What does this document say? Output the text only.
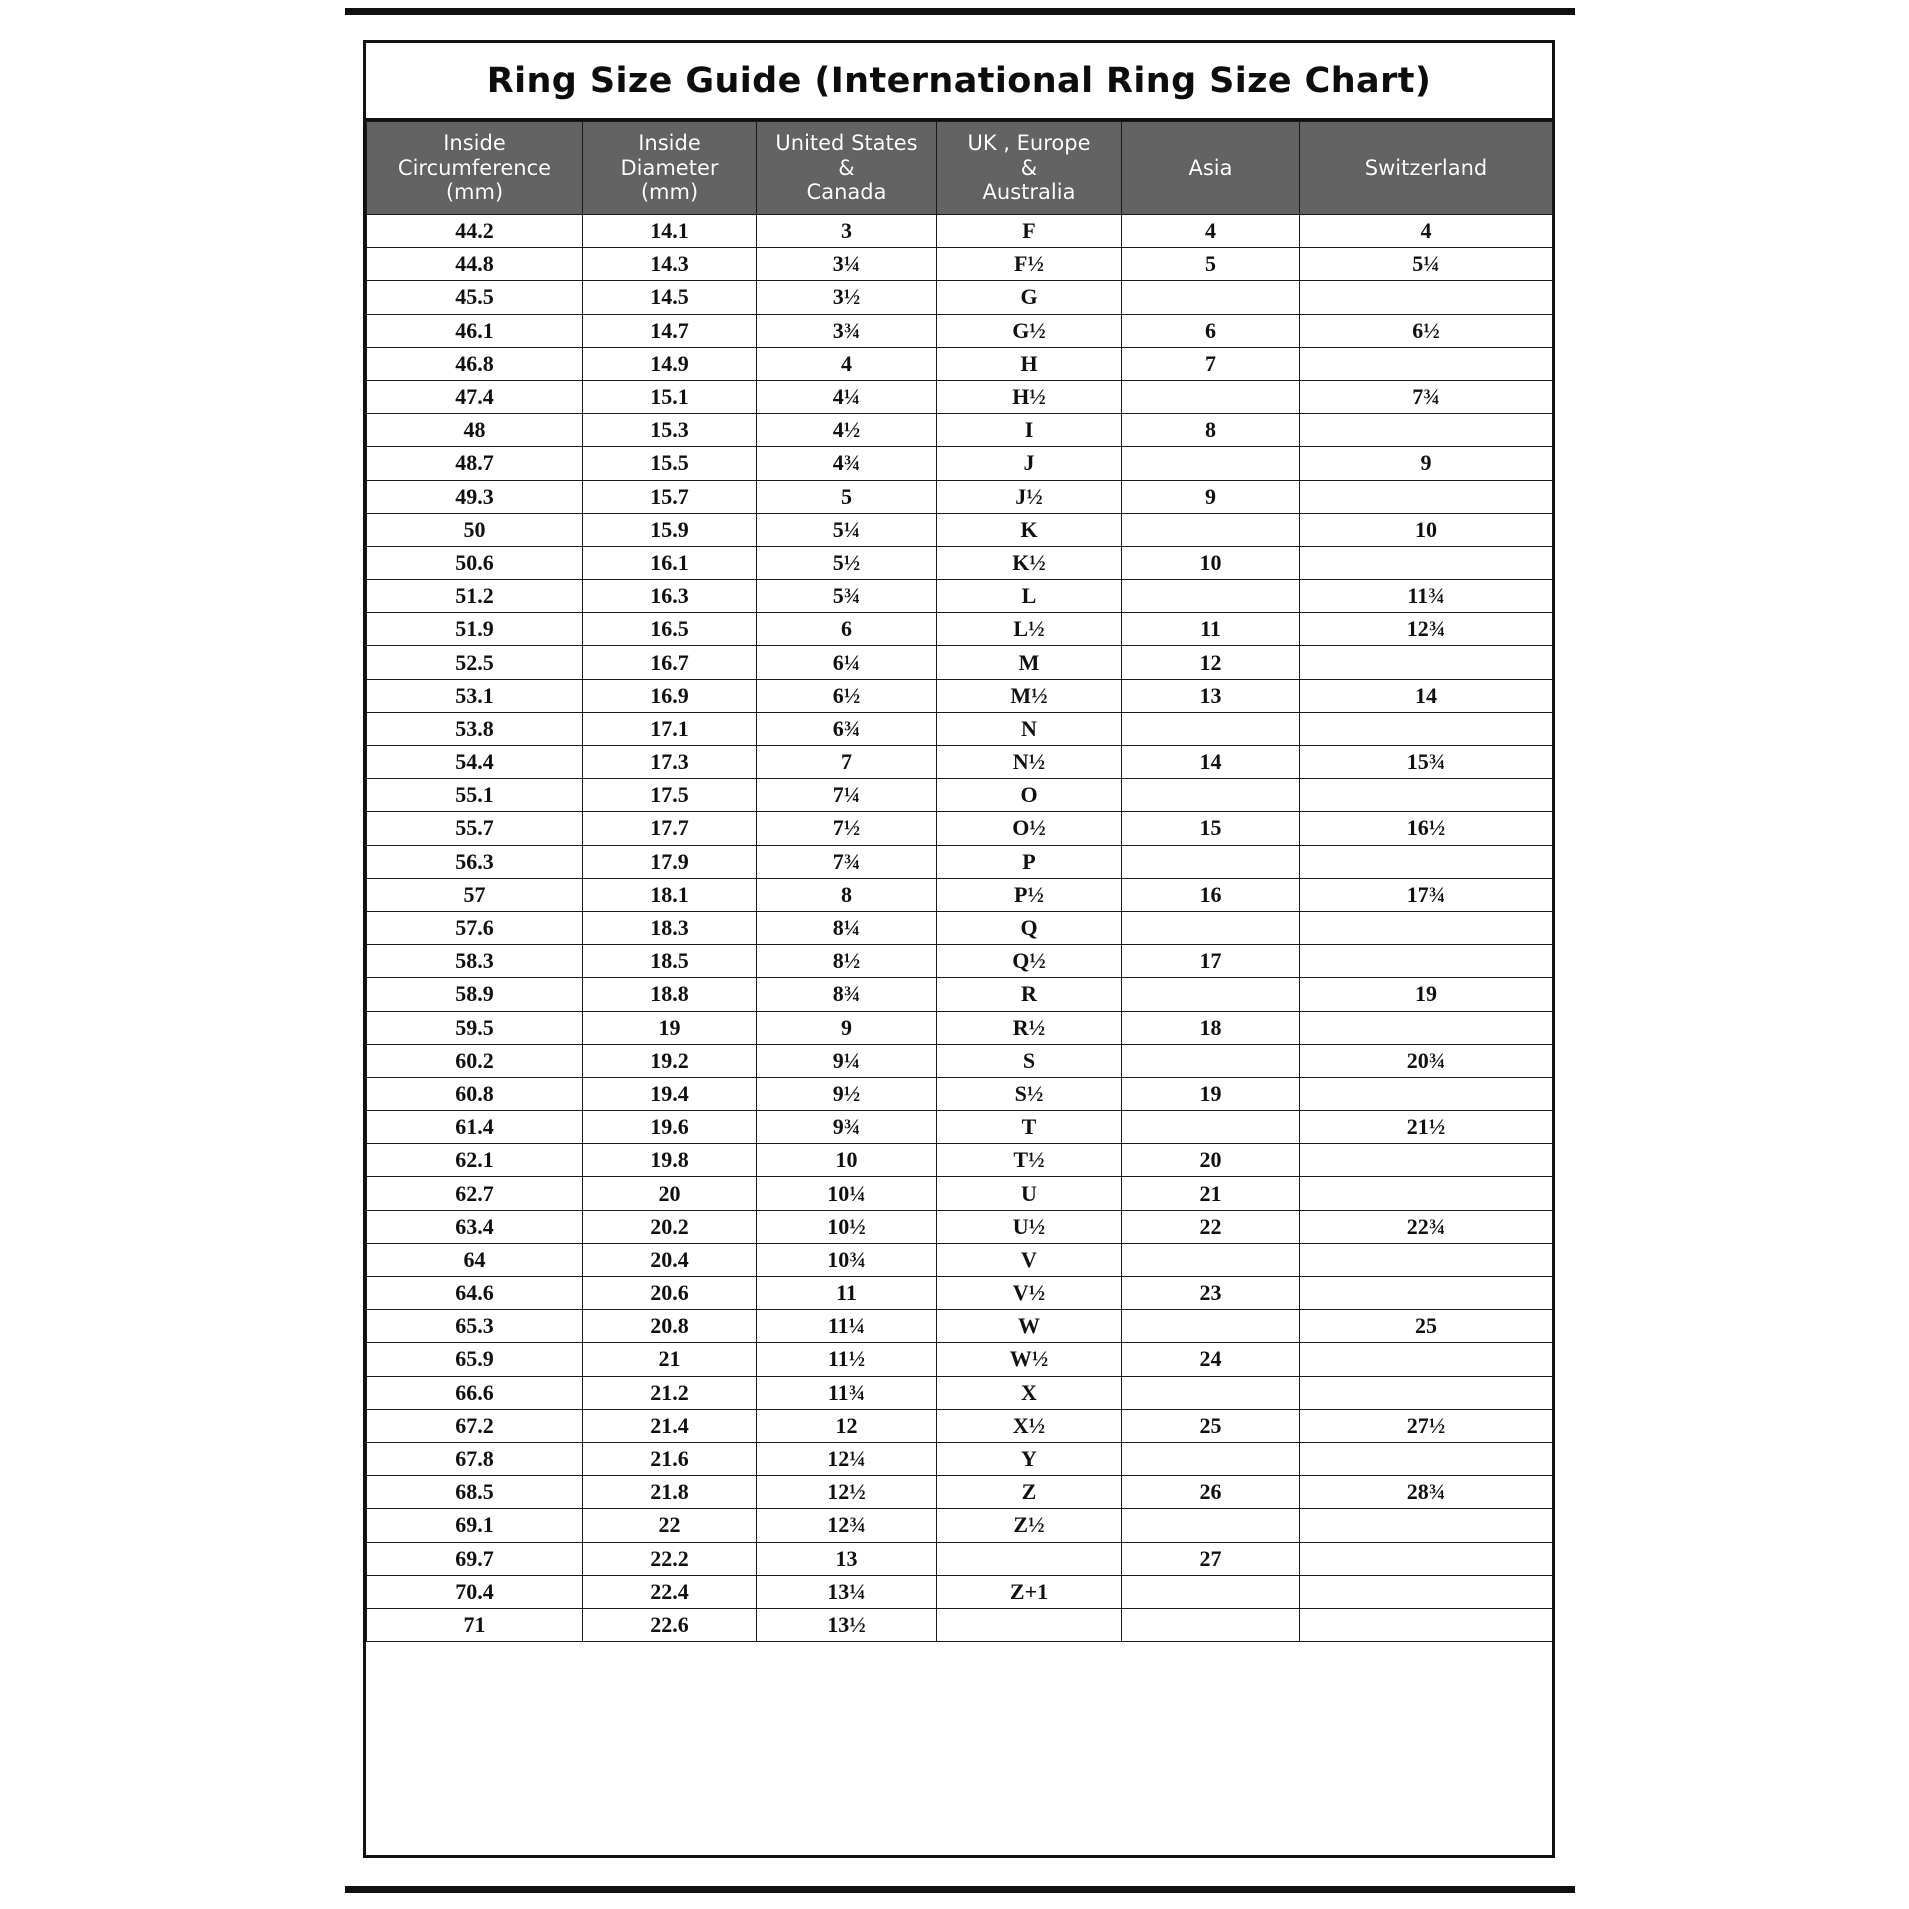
Ring Size Guide (International Ring Size Chart)
Inside
Circumference
(mm)	Inside
Diameter
(mm)	United States
&
Canada	UK , Europe
&
Australia	Asia	Switzerland

44.2	14.1	3	F	4	4
44.8	14.3	3¼	F½	5	5¼
45.5	14.5	3½	G		
46.1	14.7	3¾	G½	6	6½
46.8	14.9	4	H	7	
47.4	15.1	4¼	H½		7¾
48	15.3	4½	I	8	
48.7	15.5	4¾	J		9
49.3	15.7	5	J½	9	
50	15.9	5¼	K		10
50.6	16.1	5½	K½	10	
51.2	16.3	5¾	L		11¾
51.9	16.5	6	L½	11	12¾
52.5	16.7	6¼	M	12	
53.1	16.9	6½	M½	13	14
53.8	17.1	6¾	N		
54.4	17.3	7	N½	14	15¾
55.1	17.5	7¼	O		
55.7	17.7	7½	O½	15	16½
56.3	17.9	7¾	P		
57	18.1	8	P½	16	17¾
57.6	18.3	8¼	Q		
58.3	18.5	8½	Q½	17	
58.9	18.8	8¾	R		19
59.5	19	9	R½	18	
60.2	19.2	9¼	S		20¾
60.8	19.4	9½	S½	19	
61.4	19.6	9¾	T		21½
62.1	19.8	10	T½	20	
62.7	20	10¼	U	21	
63.4	20.2	10½	U½	22	22¾
64	20.4	10¾	V		
64.6	20.6	11	V½	23	
65.3	20.8	11¼	W		25
65.9	21	11½	W½	24	
66.6	21.2	11¾	X		
67.2	21.4	12	X½	25	27½
67.8	21.6	12¼	Y		
68.5	21.8	12½	Z	26	28¾
69.1	22	12¾	Z½		
69.7	22.2	13		27	
70.4	22.4	13¼	Z+1		
71	22.6	13½			
